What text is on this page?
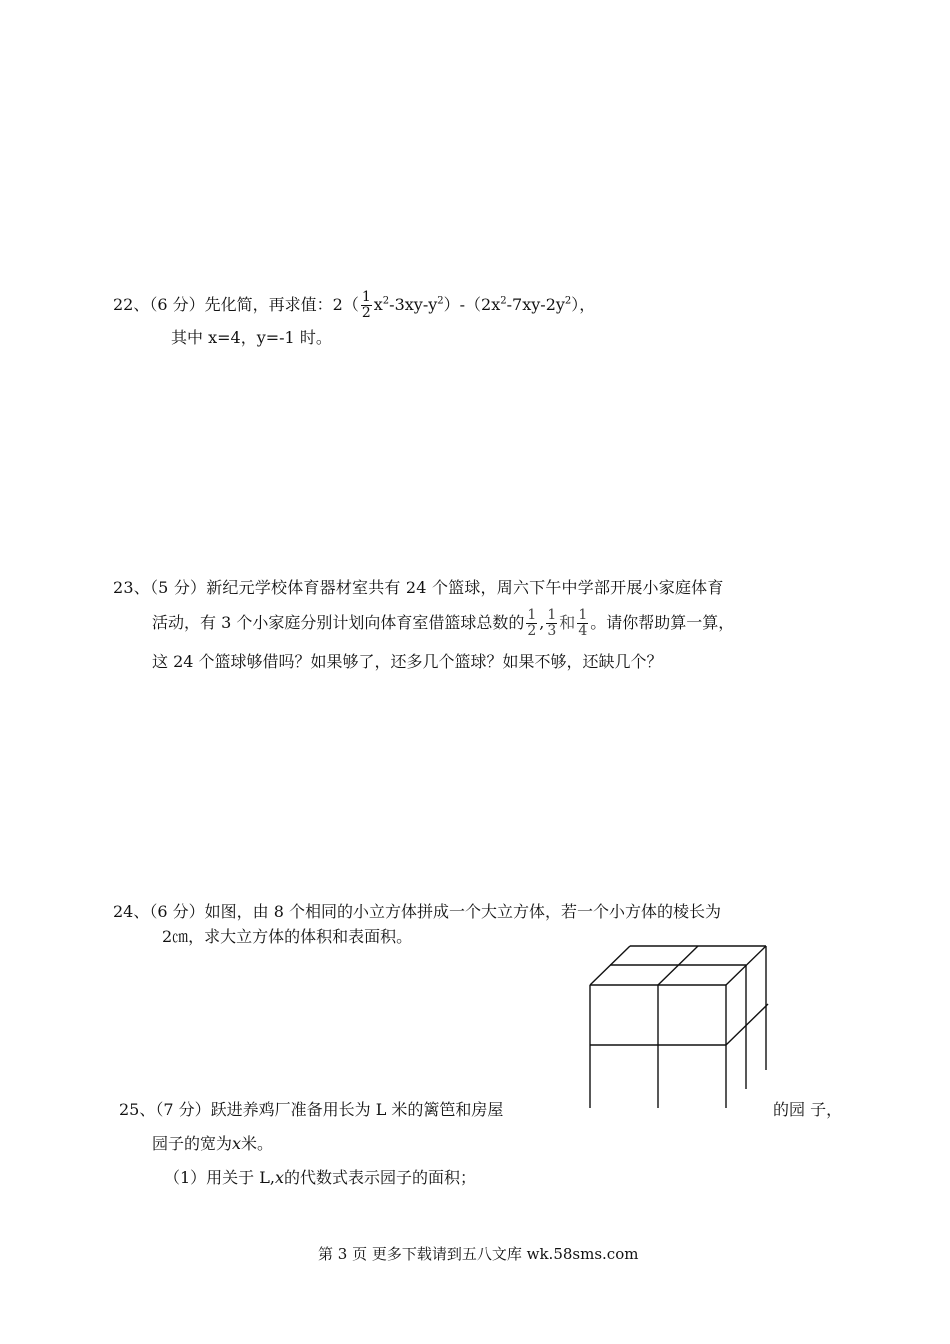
22、（6 分）先化简，再求值：$2( \frac{1}{2} x^2-3xy-y^2)-(2x^2-7xy-2y^2)$，
其中 x=4，y=-1 时。
23、（5 分）新纪元学校体育器材室共有 24 个篮球，周六下午中学部开展小家庭体育
活动，有 3 个小家庭分别计划向体育室借篮球总数的 $\frac{1}{2}$ , $\frac{1}{3}$ 和 $\frac{1}{4}$ 。请你帮助算一算，
这 24 个篮球够借吗？如果够了，还多几个篮球？如果不够，还缺几个？
24、（6 分）如图，由 8 个相同的小立方体拼成一个大立方体，若一个小方体的棱长为
2㎝，求大立方体的体积和表面积。
25、（7 分）跃进养鸡厂准备用长为 L 米的篱笆和房屋	的园 子，
园子的宽为x米。
（1）用关于 L,x的代数式表示园子的面积；
第 3 页 更多下载请到五八文库 wk.58sms.com
